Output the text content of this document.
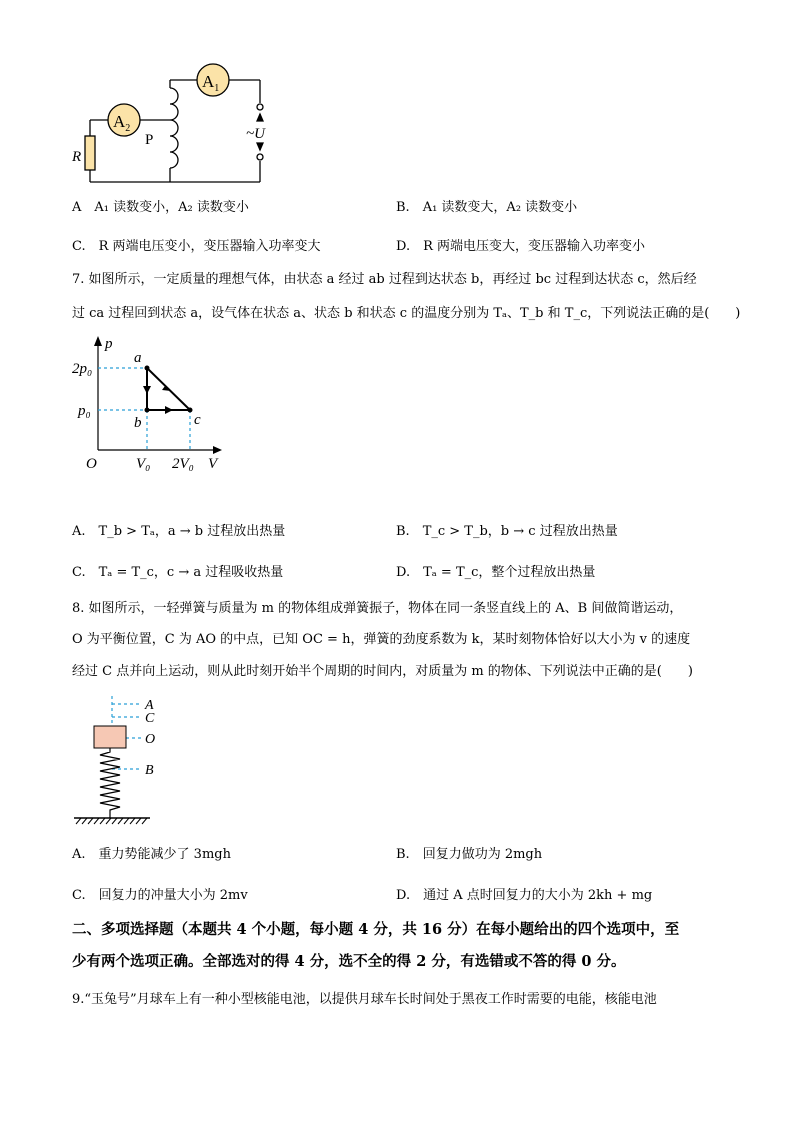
$A_1$
$A_2$
P
R
~U
A　 A₁ 读数变小，A₂ 读数变小	B.　 A₁ 读数变大，A₂ 读数变小
C.　 R 两端电压变小，变压器输入功率变大	D.　 R 两端电压变大，变压器输入功率变小
7. 如图所示，一定质量的理想气体，由状态 a 经过 ab 过程到达状态 b，再经过 bc 过程到达状态 c，然后经
过 ca 过程回到状态 a，设气体在状态 a、状态 b 和状态 c 的温度分别为 Tₐ、T_b 和 T_c，下列说法正确的是(　　)
p
V
O
2p₀
p₀
V₀ 2V₀
a
b	c
A.　 T_b > Tₐ，a → b 过程放出热量	B.　 T_c > T_b，b → c 过程放出热量
C.　 Tₐ = T_c，c → a 过程吸收热量	D.　 Tₐ = T_c，整个过程放出热量
8. 如图所示，一轻弹簧与质量为 m 的物体组成弹簧振子，物体在同一条竖直线上的 A、B 间做简谐运动，
O 为平衡位置，C 为 AO 的中点，已知 OC = h，弹簧的劲度系数为 k，某时刻物体恰好以大小为 v 的速度
经过 C 点并向上运动，则从此时刻开始半个周期的时间内，对质量为 m 的物体、下列说法中正确的是(　　)
A
C
O
B
A.　 重力势能减少了 3mgh	B.　 回复力做功为 2mgh
C.　 回复力的冲量大小为 2mv	D.　 通过 A 点时回复力的大小为 2kh + mg
二、多项选择题（本题共 4 个小题，每小题 4 分，共 16 分）在每小题给出的四个选项中，至
少有两个选项正确。全部选对的得 4 分，选不全的得 2 分，有选错或不答的得 0 分。
9.“玉兔号”月球车上有一种小型核能电池，以提供月球车长时间处于黑夜工作时需要的电能，核能电池
